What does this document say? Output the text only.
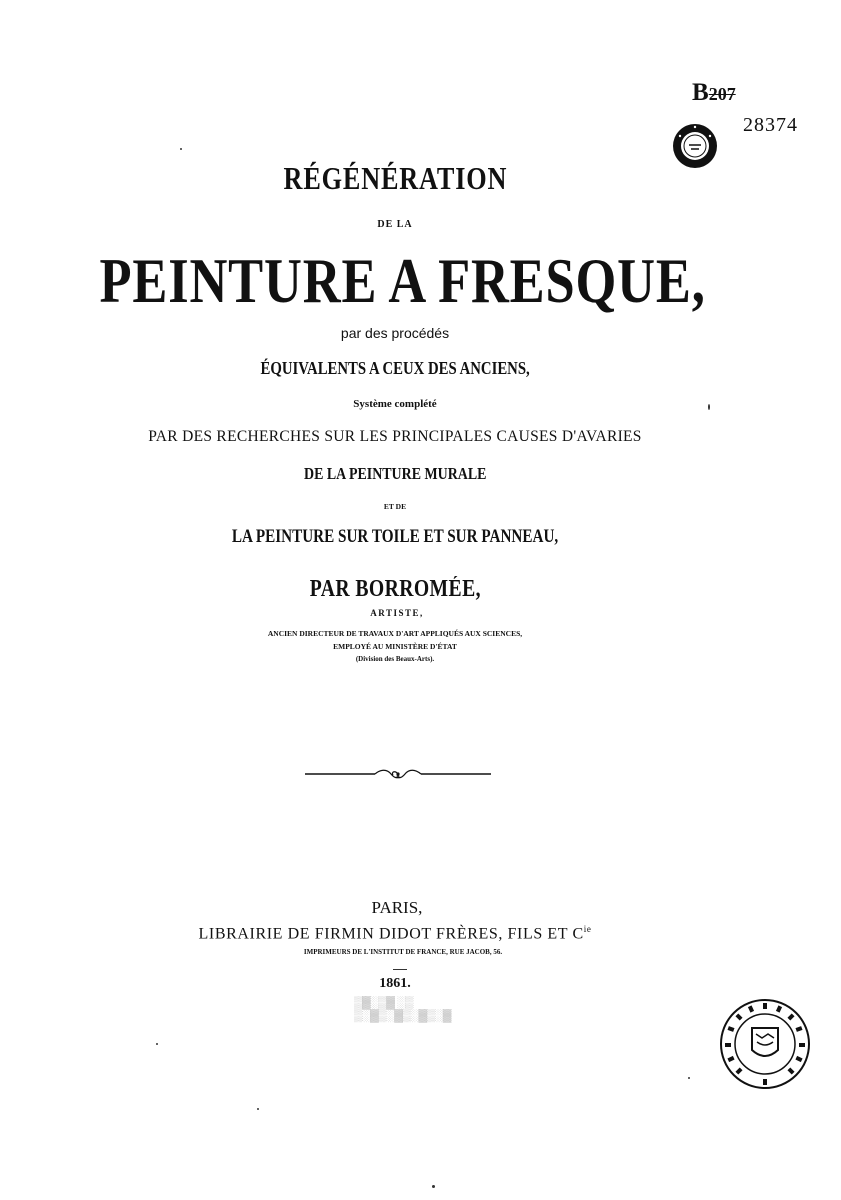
B207
28374
RÉGÉNÉRATION
DE LA
PEINTURE A FRESQUE,
par des procédés
ÉQUIVALENTS A CEUX DES ANCIENS,
Système complété
PAR DES RECHERCHES SUR LES PRINCIPALES CAUSES D'AVARIES
DE LA PEINTURE MURALE
ET DE
LA PEINTURE SUR TOILE ET SUR PANNEAU,
PAR BORROMÉE,
ARTISTE,
ANCIEN DIRECTEUR DE TRAVAUX D'ART APPLIQUÉS AUX SCIENCES,
EMPLOYÉ AU MINISTÈRE D'ÉTAT
(Division des Beaux-Arts).
PARIS,
LIBRAIRIE DE FIRMIN DIDOT FRÈRES, FILS ET $C^{ie}$
IMPRIMEURS DE L'INSTITUT DE FRANCE, RUE JACOB, 56.
1861.
▒▓░▒▓ ░▒
▒░▓▒░▓▒░▓▒░▓
